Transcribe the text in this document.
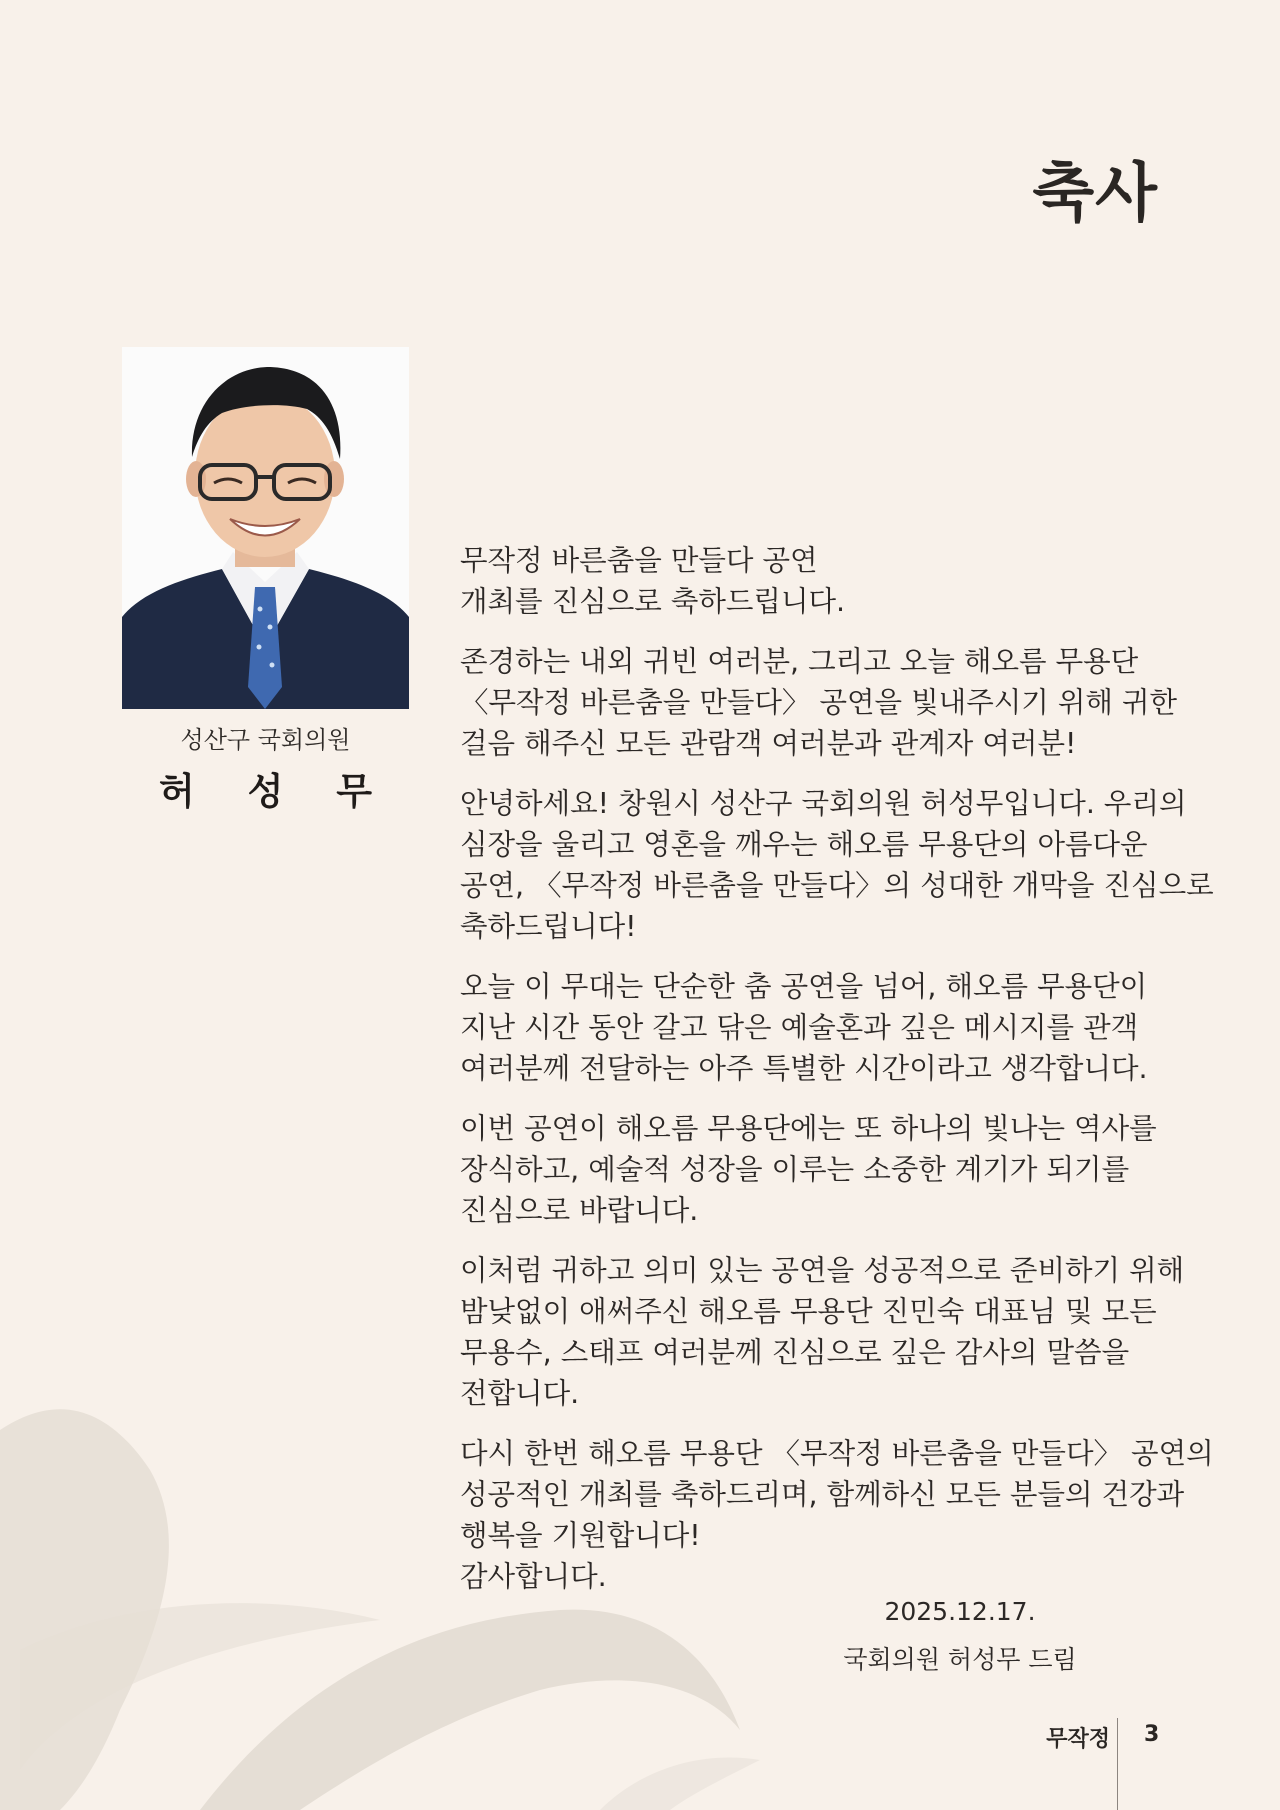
축사
성산구 국회의원
허 성 무

무작정 바른춤을 만들다 공연
개최를 진심으로 축하드립니다.

존경하는 내외 귀빈 여러분, 그리고 오늘 해오름 무용단
〈무작정 바른춤을 만들다〉 공연을 빛내주시기 위해 귀한
걸음 해주신 모든 관람객 여러분과 관계자 여러분!

안녕하세요! 창원시 성산구 국회의원 허성무입니다. 우리의
심장을 울리고 영혼을 깨우는 해오름 무용단의 아름다운
공연, 〈무작정 바른춤을 만들다〉의 성대한 개막을 진심으로
축하드립니다!

오늘 이 무대는 단순한 춤 공연을 넘어, 해오름 무용단이
지난 시간 동안 갈고 닦은 예술혼과 깊은 메시지를 관객
여러분께 전달하는 아주 특별한 시간이라고 생각합니다.

이번 공연이 해오름 무용단에는 또 하나의 빛나는 역사를
장식하고, 예술적 성장을 이루는 소중한 계기가 되기를
진심으로 바랍니다.

이처럼 귀하고 의미 있는 공연을 성공적으로 준비하기 위해
밤낮없이 애써주신 해오름 무용단 진민숙 대표님 및 모든
무용수, 스태프 여러분께 진심으로 깊은 감사의 말씀을
전합니다.

다시 한번 해오름 무용단 〈무작정 바른춤을 만들다〉 공연의
성공적인 개최를 축하드리며, 함께하신 모든 분들의 건강과
행복을 기원합니다!
감사합니다.

2025.12.17.
국회의원 허성무 드림
무작정 3
